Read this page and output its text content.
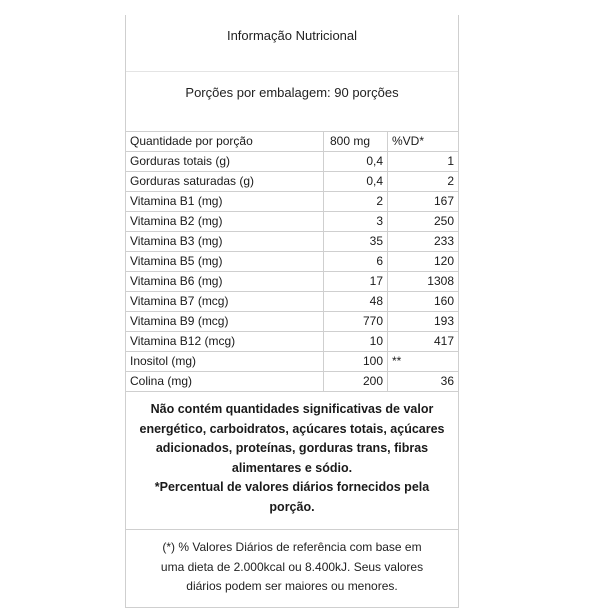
Informação Nutricional
Porções por embalagem: 90 porções
Quantidade por porção	800 mg	%VD*
Gorduras totais (g)	0,4	1
Gorduras saturadas (g)	0,4	2
Vitamina B1 (mg)	2	167
Vitamina B2 (mg)	3	250
Vitamina B3 (mg)	35	233
Vitamina B5 (mg)	6	120
Vitamina B6 (mg)	17	1308
Vitamina B7 (mcg)	48	160
Vitamina B9 (mcg)	770	193
Vitamina B12 (mcg)	10	417
Inositol (mg)	100	**
Colina (mg)	200	36
Não contém quantidades significativas de valor
energético, carboidratos, açúcares totais, açúcares
adicionados, proteínas, gorduras trans, fibras
alimentares e sódio.
*Percentual de valores diários fornecidos pela
porção.
(*) % Valores Diários de referência com base em
uma dieta de 2.000kcal ou 8.400kJ. Seus valores
diários podem ser maiores ou menores.
